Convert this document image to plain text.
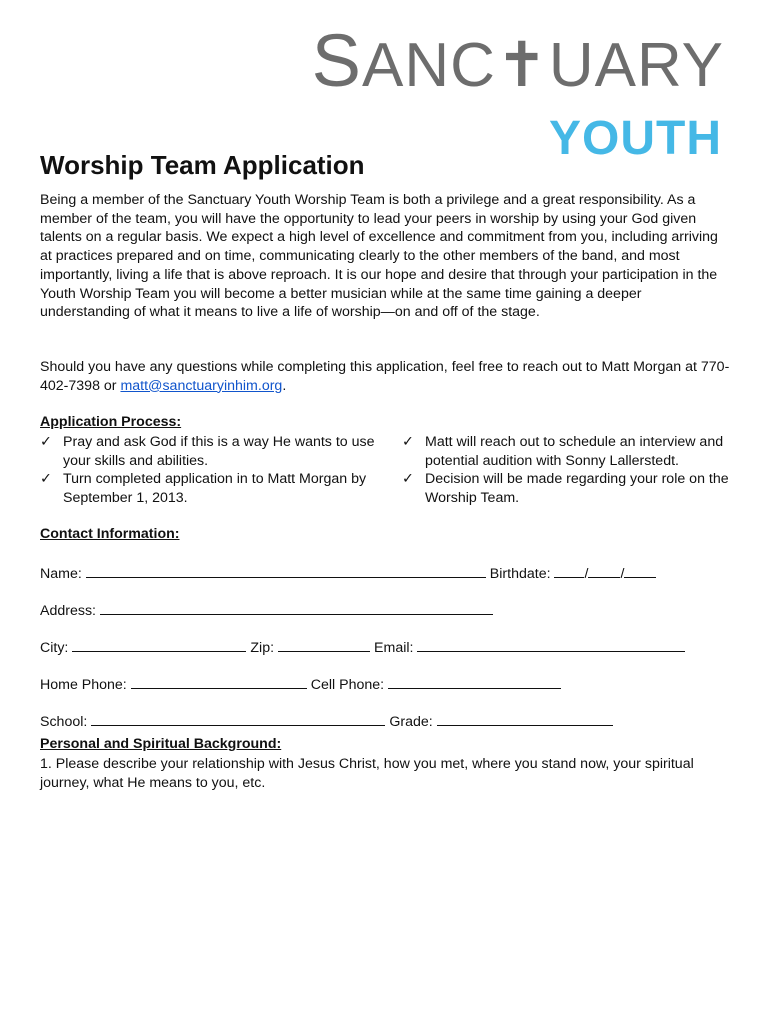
SANC✝UARY
YOUTH
Worship Team Application

Being a member of the Sanctuary Youth Worship Team is both a privilege and a great responsibility. As a member of the team, you will have the opportunity to lead your peers in worship by using your God given talents on a regular basis. We expect a high level of excellence and commitment from you, including arriving at practices prepared and on time, communicating clearly to the other members of the band, and most importantly, living a life that is above reproach. It is our hope and desire that through your participation in the Youth Worship Team you will become a better musician while at the same time gaining a deeper understanding of what it means to live a life of worship—on and off of the stage.

Should you have any questions while completing this application, feel free to reach out to Matt Morgan at 770-402-7398 or matt@sanctuaryinhim.org.

Application Process:

✓ Pray and ask God if this is a way He wants to use your skills and abilities.
✓ Turn completed application in to Matt Morgan by September 1, 2013.
✓ Matt will reach out to schedule an interview and potential audition with Sonny Lallerstedt.
✓ Decision will be made regarding your role on the Worship Team.

Contact Information:

Name:	Birthdate: / /

Address:

City:	Zip:	Email:

Home Phone:	Cell Phone:

School:	Grade:

Personal and Spiritual Background:

1. Please describe your relationship with Jesus Christ, how you met, where you stand now, your spiritual journey, what He means to you, etc.
